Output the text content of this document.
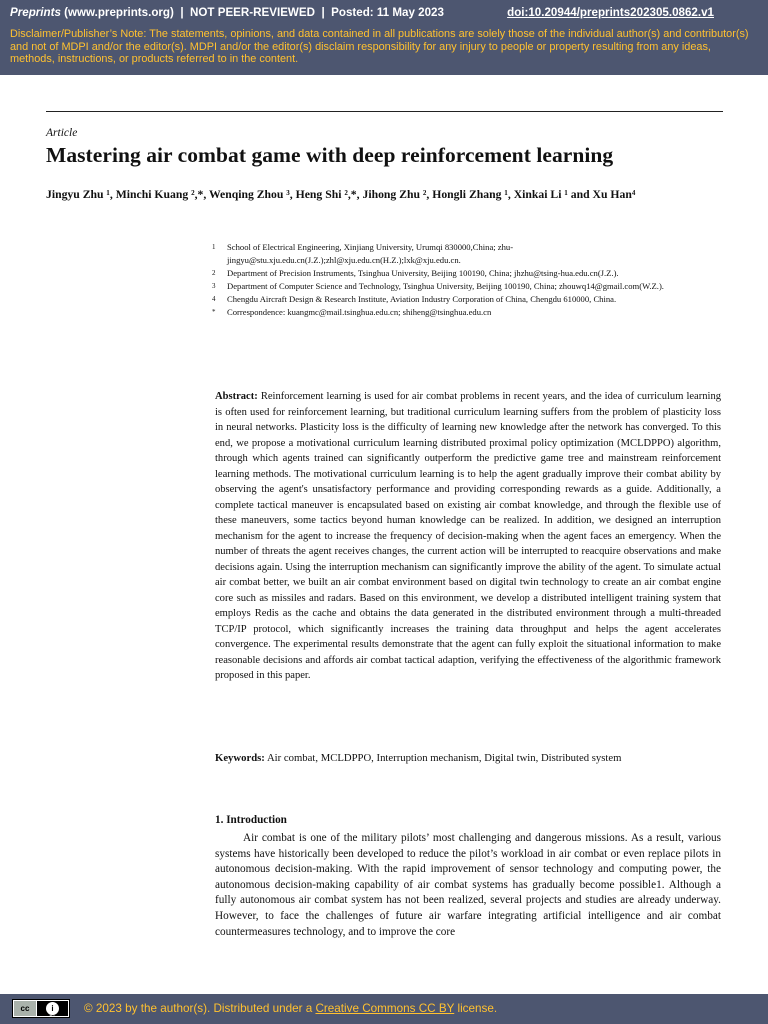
Preprints (www.preprints.org) | NOT PEER-REVIEWED | Posted: 11 May 2023	doi:10.20944/preprints202305.0862.v1
Disclaimer/Publisher’s Note: The statements, opinions, and data contained in all publications are solely those of the individual author(s) and contributor(s) and not of MDPI and/or the editor(s). MDPI and/or the editor(s) disclaim responsibility for any injury to people or property resulting from any ideas, methods, instructions, or products referred to in the content.
Article
Mastering air combat game with deep reinforcement learning
Jingyu Zhu ¹, Minchi Kuang ²,*, Wenqing Zhou ³, Heng Shi ²,*, Jihong Zhu ², Hongli Zhang ¹, Xinkai Li ¹ and Xu Han⁴
1 School of Electrical Engineering, Xinjiang University, Urumqi 830000,China; zhu-jingyu@stu.xju.edu.cn(J.Z.);zhl@xju.edu.cn(H.Z.);lxk@xju.edu.cn.
2 Department of Precision Instruments, Tsinghua University, Beijing 100190, China; jhzhu@tsing-hua.edu.cn(J.Z.).
3 Department of Computer Science and Technology, Tsinghua University, Beijing 100190, China; zhouwq14@gmail.com(W.Z.).
4 Chengdu Aircraft Design & Research Institute, Aviation Industry Corporation of China, Chengdu 610000, China.
* Correspondence: kuangmc@mail.tsinghua.edu.cn; shiheng@tsinghua.edu.cn

Abstract: Reinforcement learning is used for air combat problems in recent years, and the idea of curriculum learning is often used for reinforcement learning, but traditional curriculum learning suffers from the problem of plasticity loss in neural networks. Plasticity loss is the difficulty of learning new knowledge after the network has converged. To this end, we propose a motivational curriculum learning distributed proximal policy optimization (MCLDPPO) algorithm, through which agents trained can significantly outperform the predictive game tree and mainstream reinforcement learning methods. The motivational curriculum learning is to help the agent gradually improve their combat ability by observing the agent's unsatisfactory performance and providing corresponding rewards as a guide. Additionally, a complete tactical maneuver is encapsulated based on existing air combat knowledge, and through the flexible use of these maneuvers, some tactics beyond human knowledge can be realized. In addition, we designed an interruption mechanism for the agent to increase the frequency of decision-making when the agent faces an emergency. When the number of threats the agent receives changes, the current action will be interrupted to reacquire observations and make decisions again. Using the interruption mechanism can significantly improve the ability of the agent. To simulate actual air combat better, we built an air combat environment based on digital twin technology to create an air combat engine core such as missiles and radars. Based on this environment, we develop a distributed intelligent training system that employs Redis as the cache and obtains the data generated in the distributed environment through a multi-threaded TCP/IP protocol, which significantly increases the training data throughput and helps the agent accelerates convergence. The experimental results demonstrate that the agent can fully exploit the situational information to make reasonable decisions and affords air combat tactical adaption, verifying the effectiveness of the algorithmic framework proposed in this paper.

Keywords: Air combat, MCLDPPO, Interruption mechanism, Digital twin, Distributed system
1. Introduction

Air combat is one of the military pilots’ most challenging and dangerous missions. As a result, various systems have historically been developed to reduce the pilot’s workload in air combat or even replace pilots in autonomous decision-making. With the rapid improvement of sensor technology and computing power, the autonomous decision-making capability of air combat systems has gradually become possible1. Although a fully autonomous air combat system has not been realized, several projects and studies are already underway. However, to face the challenges of future air warfare integrating artificial intelligence and air combat countermeasures technology, and to improve the core

cc	i
BY	© 2023 by the author(s). Distributed under a Creative Commons CC BY license.
